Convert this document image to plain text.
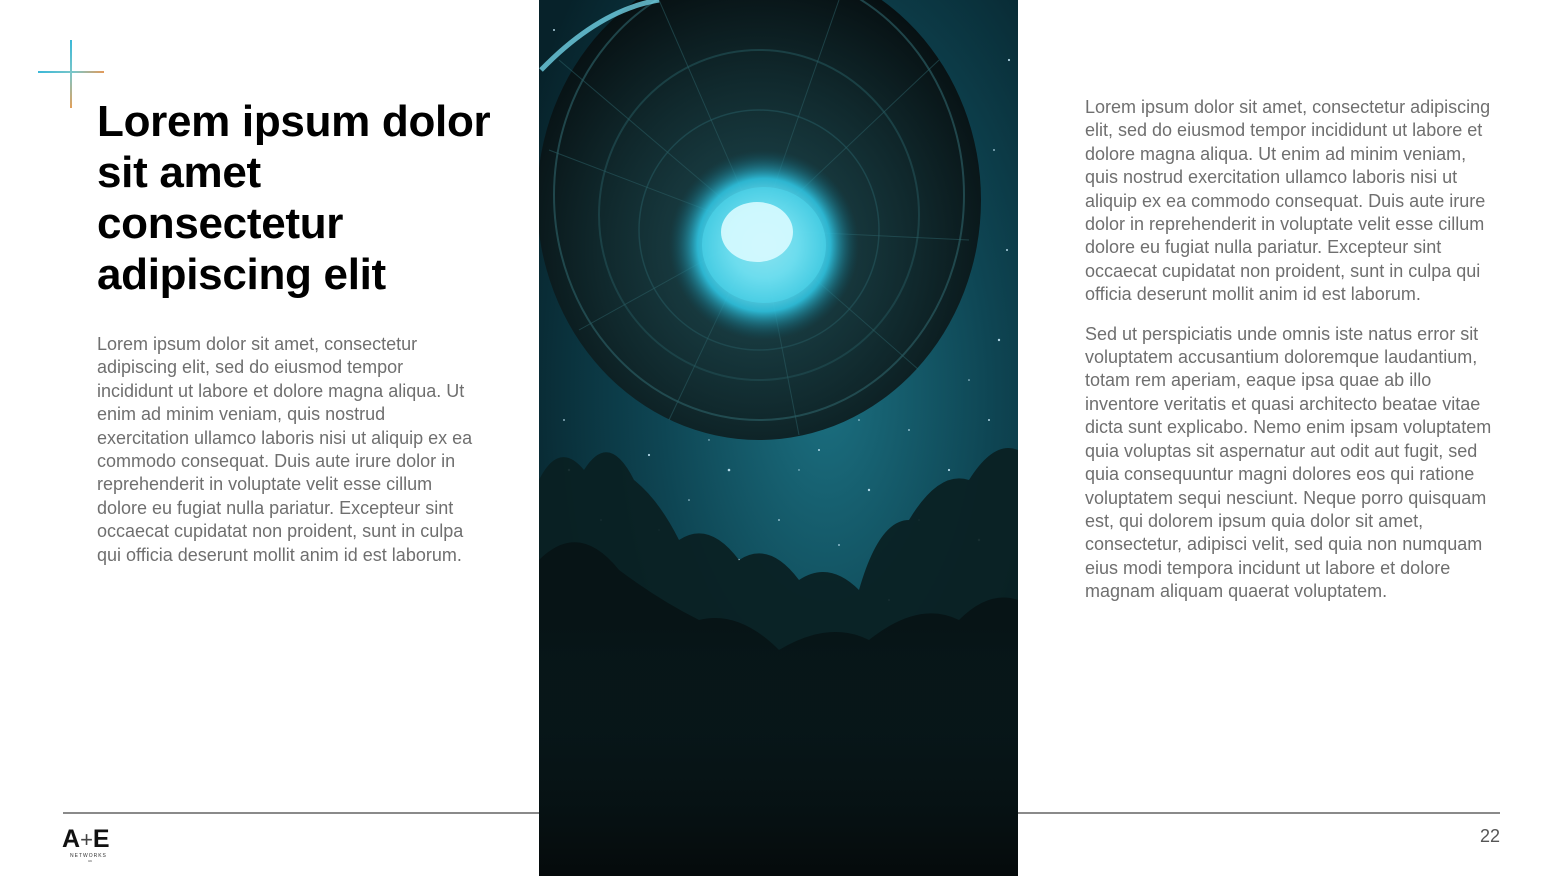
Lorem ipsum dolor sit amet consectetur adipiscing elit

Lorem ipsum dolor sit amet, consectetur adipiscing elit, sed do eiusmod tempor incididunt ut labore et dolore magna aliqua. Ut enim ad minim veniam, quis nostrud exercitation ullamco laboris nisi ut aliquip ex ea commodo consequat. Duis aute irure dolor in reprehenderit in voluptate velit esse cillum dolore eu fugiat nulla pariatur. Excepteur sint occaecat cupidatat non proident, sunt in culpa qui officia deserunt mollit anim id est laborum.

Lorem ipsum dolor sit amet, consectetur adipiscing elit, sed do eiusmod tempor incididunt ut labore et dolore magna aliqua. Ut enim ad minim veniam, quis nostrud exercitation ullamco laboris nisi ut aliquip ex ea commodo consequat. Duis aute irure dolor in reprehenderit in voluptate velit esse cillum dolore eu fugiat nulla pariatur. Excepteur sint occaecat cupidatat non proident, sunt in culpa qui officia deserunt mollit anim id est laborum.

Sed ut perspiciatis unde omnis iste natus error sit voluptatem accusantium doloremque laudantium, totam rem aperiam, eaque ipsa quae ab illo inventore veritatis et quasi architecto beatae vitae dicta sunt explicabo. Nemo enim ipsam voluptatem quia voluptas sit aspernatur aut odit aut fugit, sed quia consequuntur magni dolores eos qui ratione voluptatem sequi nesciunt. Neque porro quisquam est, qui dolorem ipsum quia dolor sit amet, consectetur, adipisci velit, sed quia non numquam eius modi tempora incidunt ut labore et dolore magnam aliquam quaerat voluptatem.

A+E
NETWORKS
UK
22
